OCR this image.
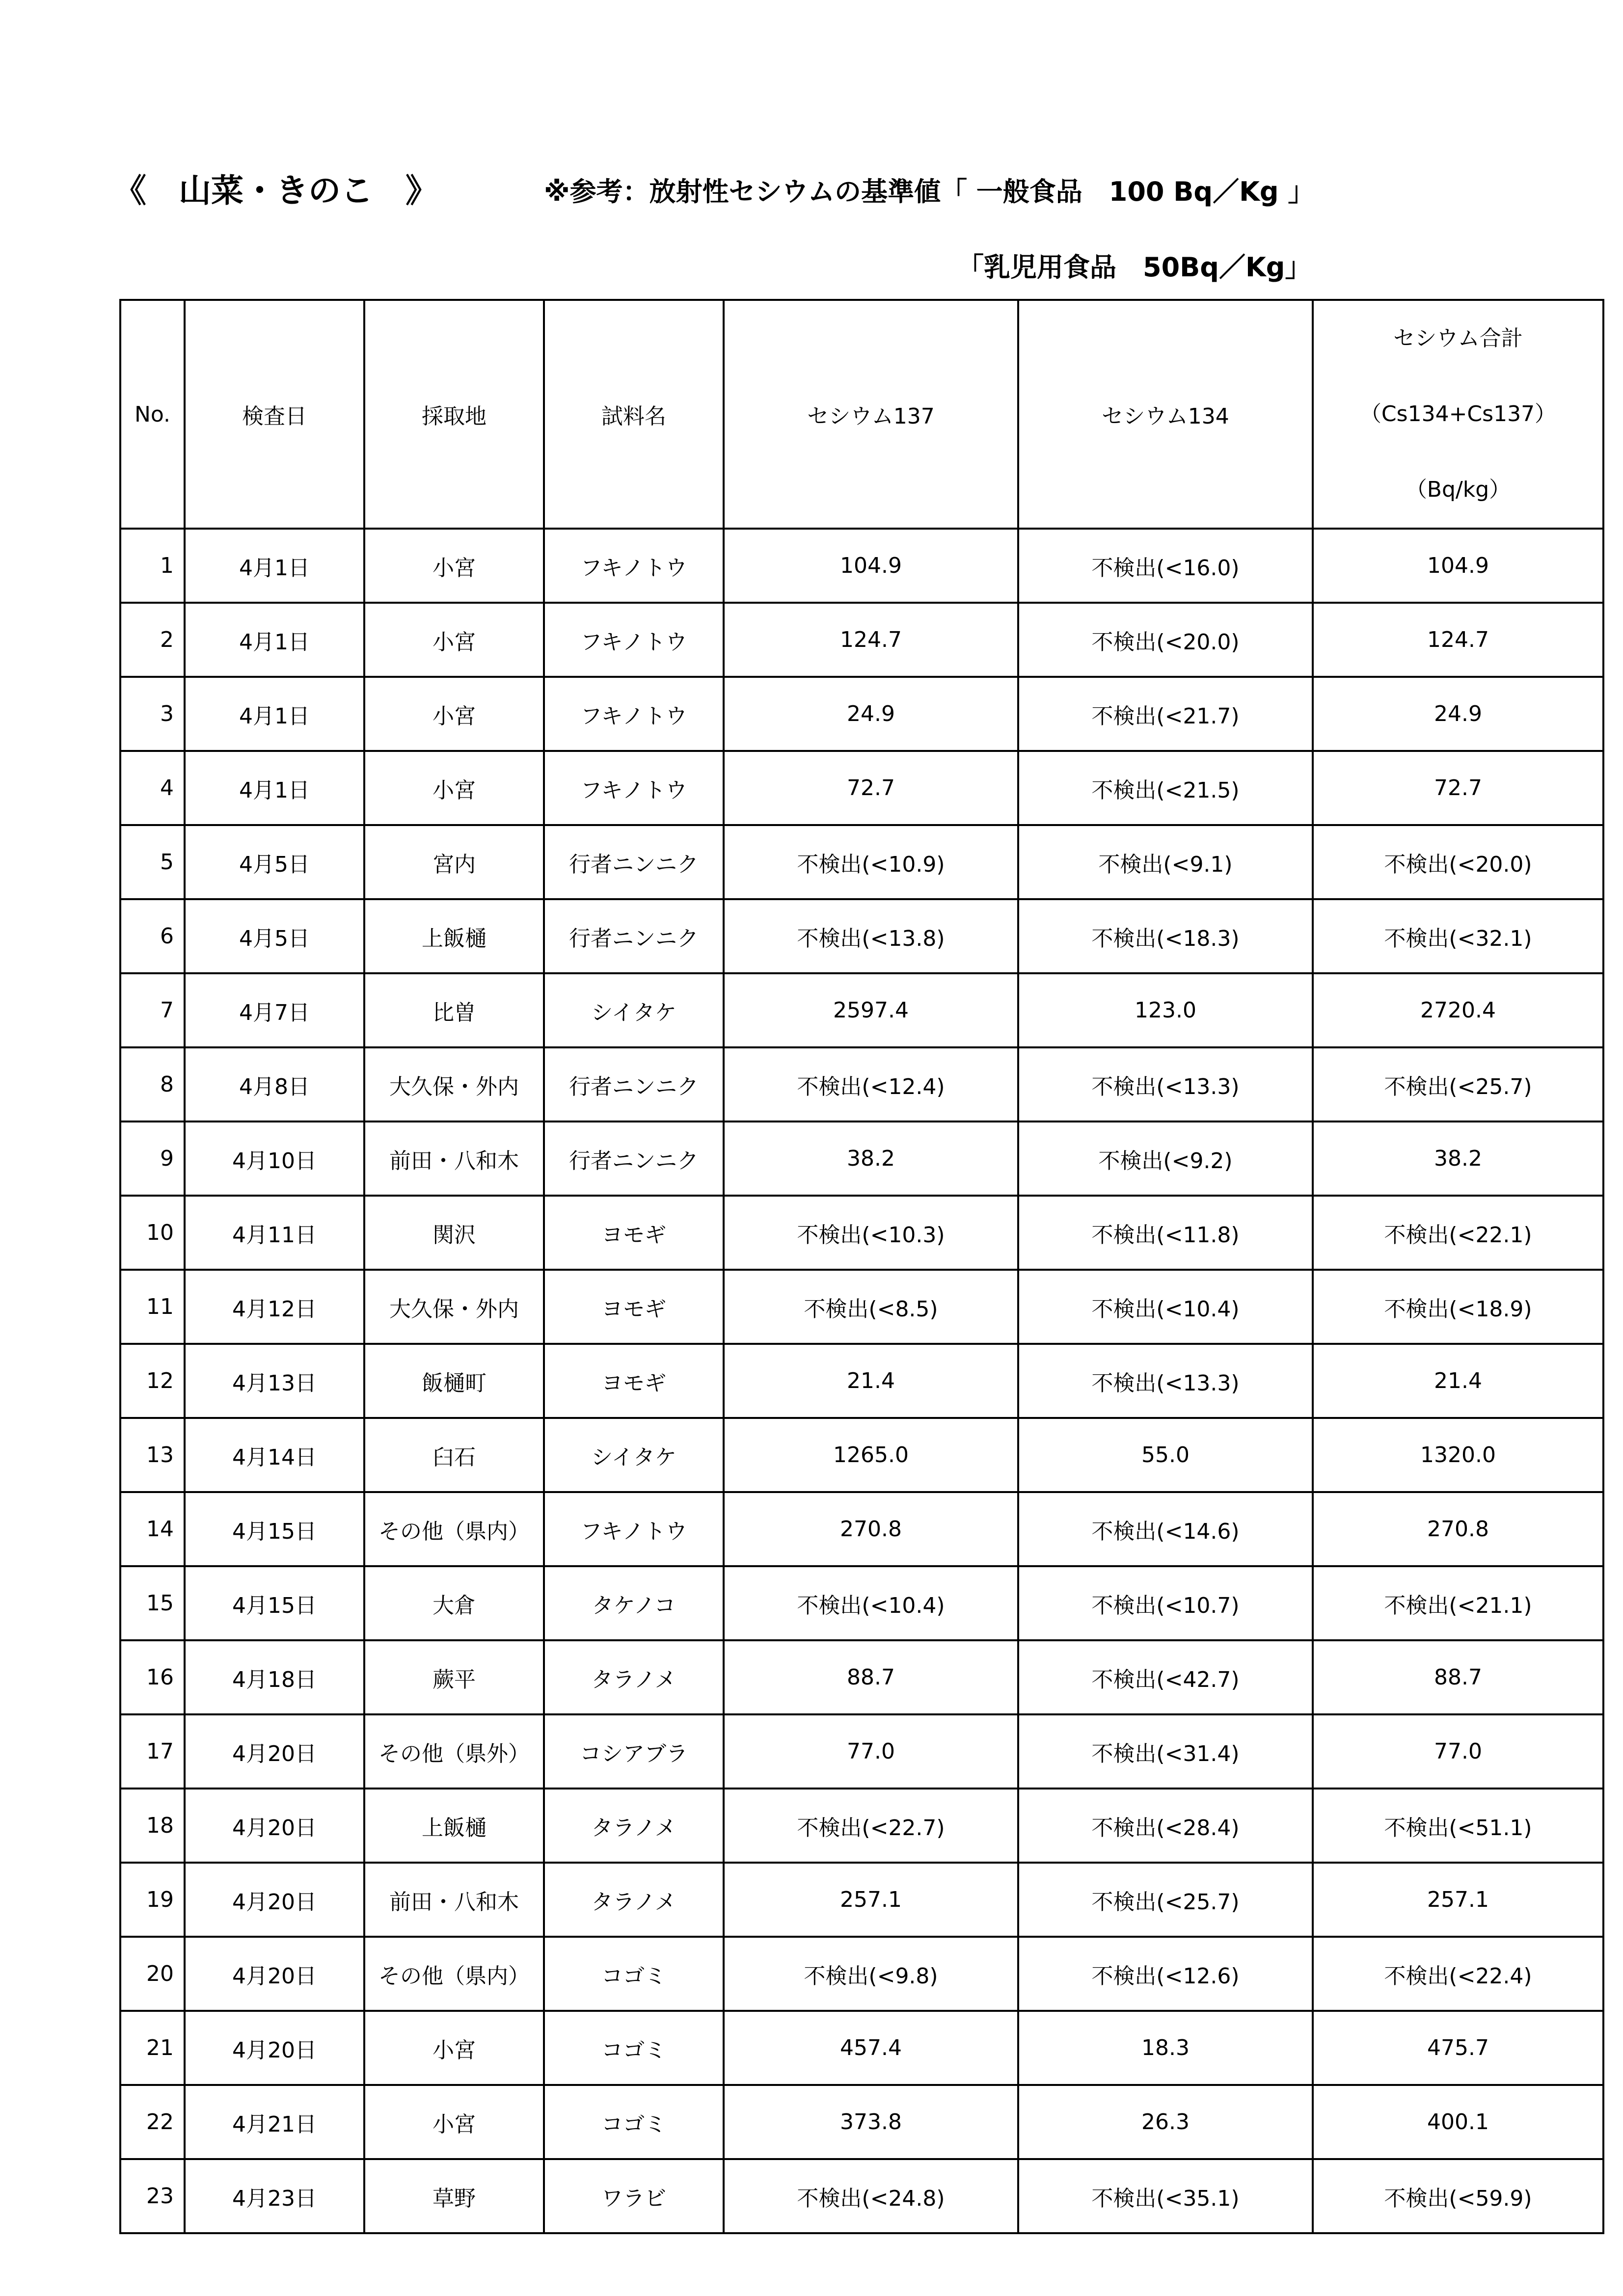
《　山菜・きのこ　》	※参考：放射性セシウムの基準値「 一般食品　100 Bq／Kg 」
「乳児用食品　50Bq／Kg」
No.	検査日	採取地	試料名	セシウム137	セシウム134	セシウム合計
（Cs134+Cs137）
（Bq/kg）

1	4月1日	小宮	フキノトウ	104.9	不検出(<16.0)	104.9
2	4月1日	小宮	フキノトウ	124.7	不検出(<20.0)	124.7
3	4月1日	小宮	フキノトウ	24.9	不検出(<21.7)	24.9
4	4月1日	小宮	フキノトウ	72.7	不検出(<21.5)	72.7
5	4月5日	宮内	行者ニンニク	不検出(<10.9)	不検出(<9.1)	不検出(<20.0)
6	4月5日	上飯樋	行者ニンニク	不検出(<13.8)	不検出(<18.3)	不検出(<32.1)
7	4月7日	比曽	シイタケ	2597.4	123.0	2720.4
8	4月8日	大久保・外内	行者ニンニク	不検出(<12.4)	不検出(<13.3)	不検出(<25.7)
9	4月10日	前田・八和木	行者ニンニク	38.2	不検出(<9.2)	38.2
10	4月11日	関沢	ヨモギ	不検出(<10.3)	不検出(<11.8)	不検出(<22.1)
11	4月12日	大久保・外内	ヨモギ	不検出(<8.5)	不検出(<10.4)	不検出(<18.9)
12	4月13日	飯樋町	ヨモギ	21.4	不検出(<13.3)	21.4
13	4月14日	臼石	シイタケ	1265.0	55.0	1320.0
14	4月15日	その他（県内）	フキノトウ	270.8	不検出(<14.6)	270.8
15	4月15日	大倉	タケノコ	不検出(<10.4)	不検出(<10.7)	不検出(<21.1)
16	4月18日	蕨平	タラノメ	88.7	不検出(<42.7)	88.7
17	4月20日	その他（県外）	コシアブラ	77.0	不検出(<31.4)	77.0
18	4月20日	上飯樋	タラノメ	不検出(<22.7)	不検出(<28.4)	不検出(<51.1)
19	4月20日	前田・八和木	タラノメ	257.1	不検出(<25.7)	257.1
20	4月20日	その他（県内）	コゴミ	不検出(<9.8)	不検出(<12.6)	不検出(<22.4)
21	4月20日	小宮	コゴミ	457.4	18.3	475.7
22	4月21日	小宮	コゴミ	373.8	26.3	400.1
23	4月23日	草野	ワラビ	不検出(<24.8)	不検出(<35.1)	不検出(<59.9)
